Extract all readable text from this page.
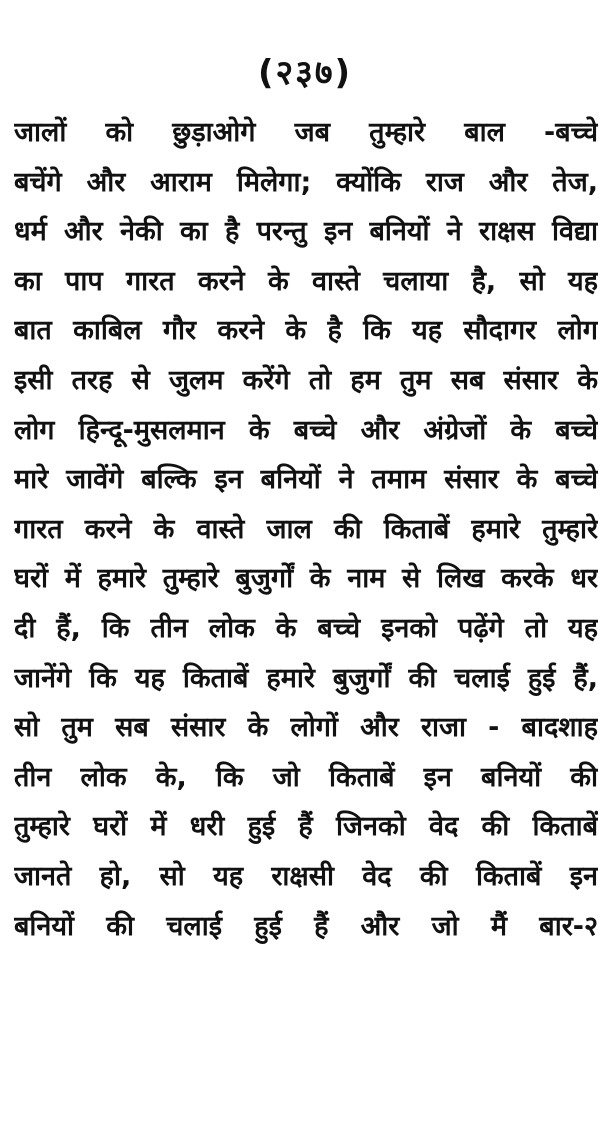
(२३७)
जालों को छुड़ाओगे जब तुम्हारे बाल -बच्चे
बचेंगे और आराम मिलेगा; क्योंकि राज और तेज,
धर्म और नेकी का है परन्तु इन बनियों ने राक्षस विद्या
का पाप गारत करने के वास्ते चलाया है, सो यह
बात काबिल गौर करने के है कि यह सौदागर लोग
इसी तरह से जुलम करेंगे तो हम तुम सब संसार के
लोग हिन्दू-मुसलमान के बच्चे और अंग्रेजों के बच्चे
मारे जावेंगे बल्कि इन बनियों ने तमाम संसार के बच्चे
गारत करने के वास्ते जाल की किताबें हमारे तुम्हारे
घरों में हमारे तुम्हारे बुजुर्गों के नाम से लिख करके धर
दी हैं, कि तीन लोक के बच्चे इनको पढ़ेंगे तो यह
जानेंगे कि यह किताबें हमारे बुजुर्गों की चलाई हुई हैं,
सो तुम सब संसार के लोगों और राजा - बादशाह
तीन लोक के, कि जो किताबें इन बनियों की
तुम्हारे घरों में धरी हुई हैं जिनको वेद की किताबें
जानते हो, सो यह राक्षसी वेद की किताबें इन
बनियों की चलाई हुई हैं और जो मैं बार-२
